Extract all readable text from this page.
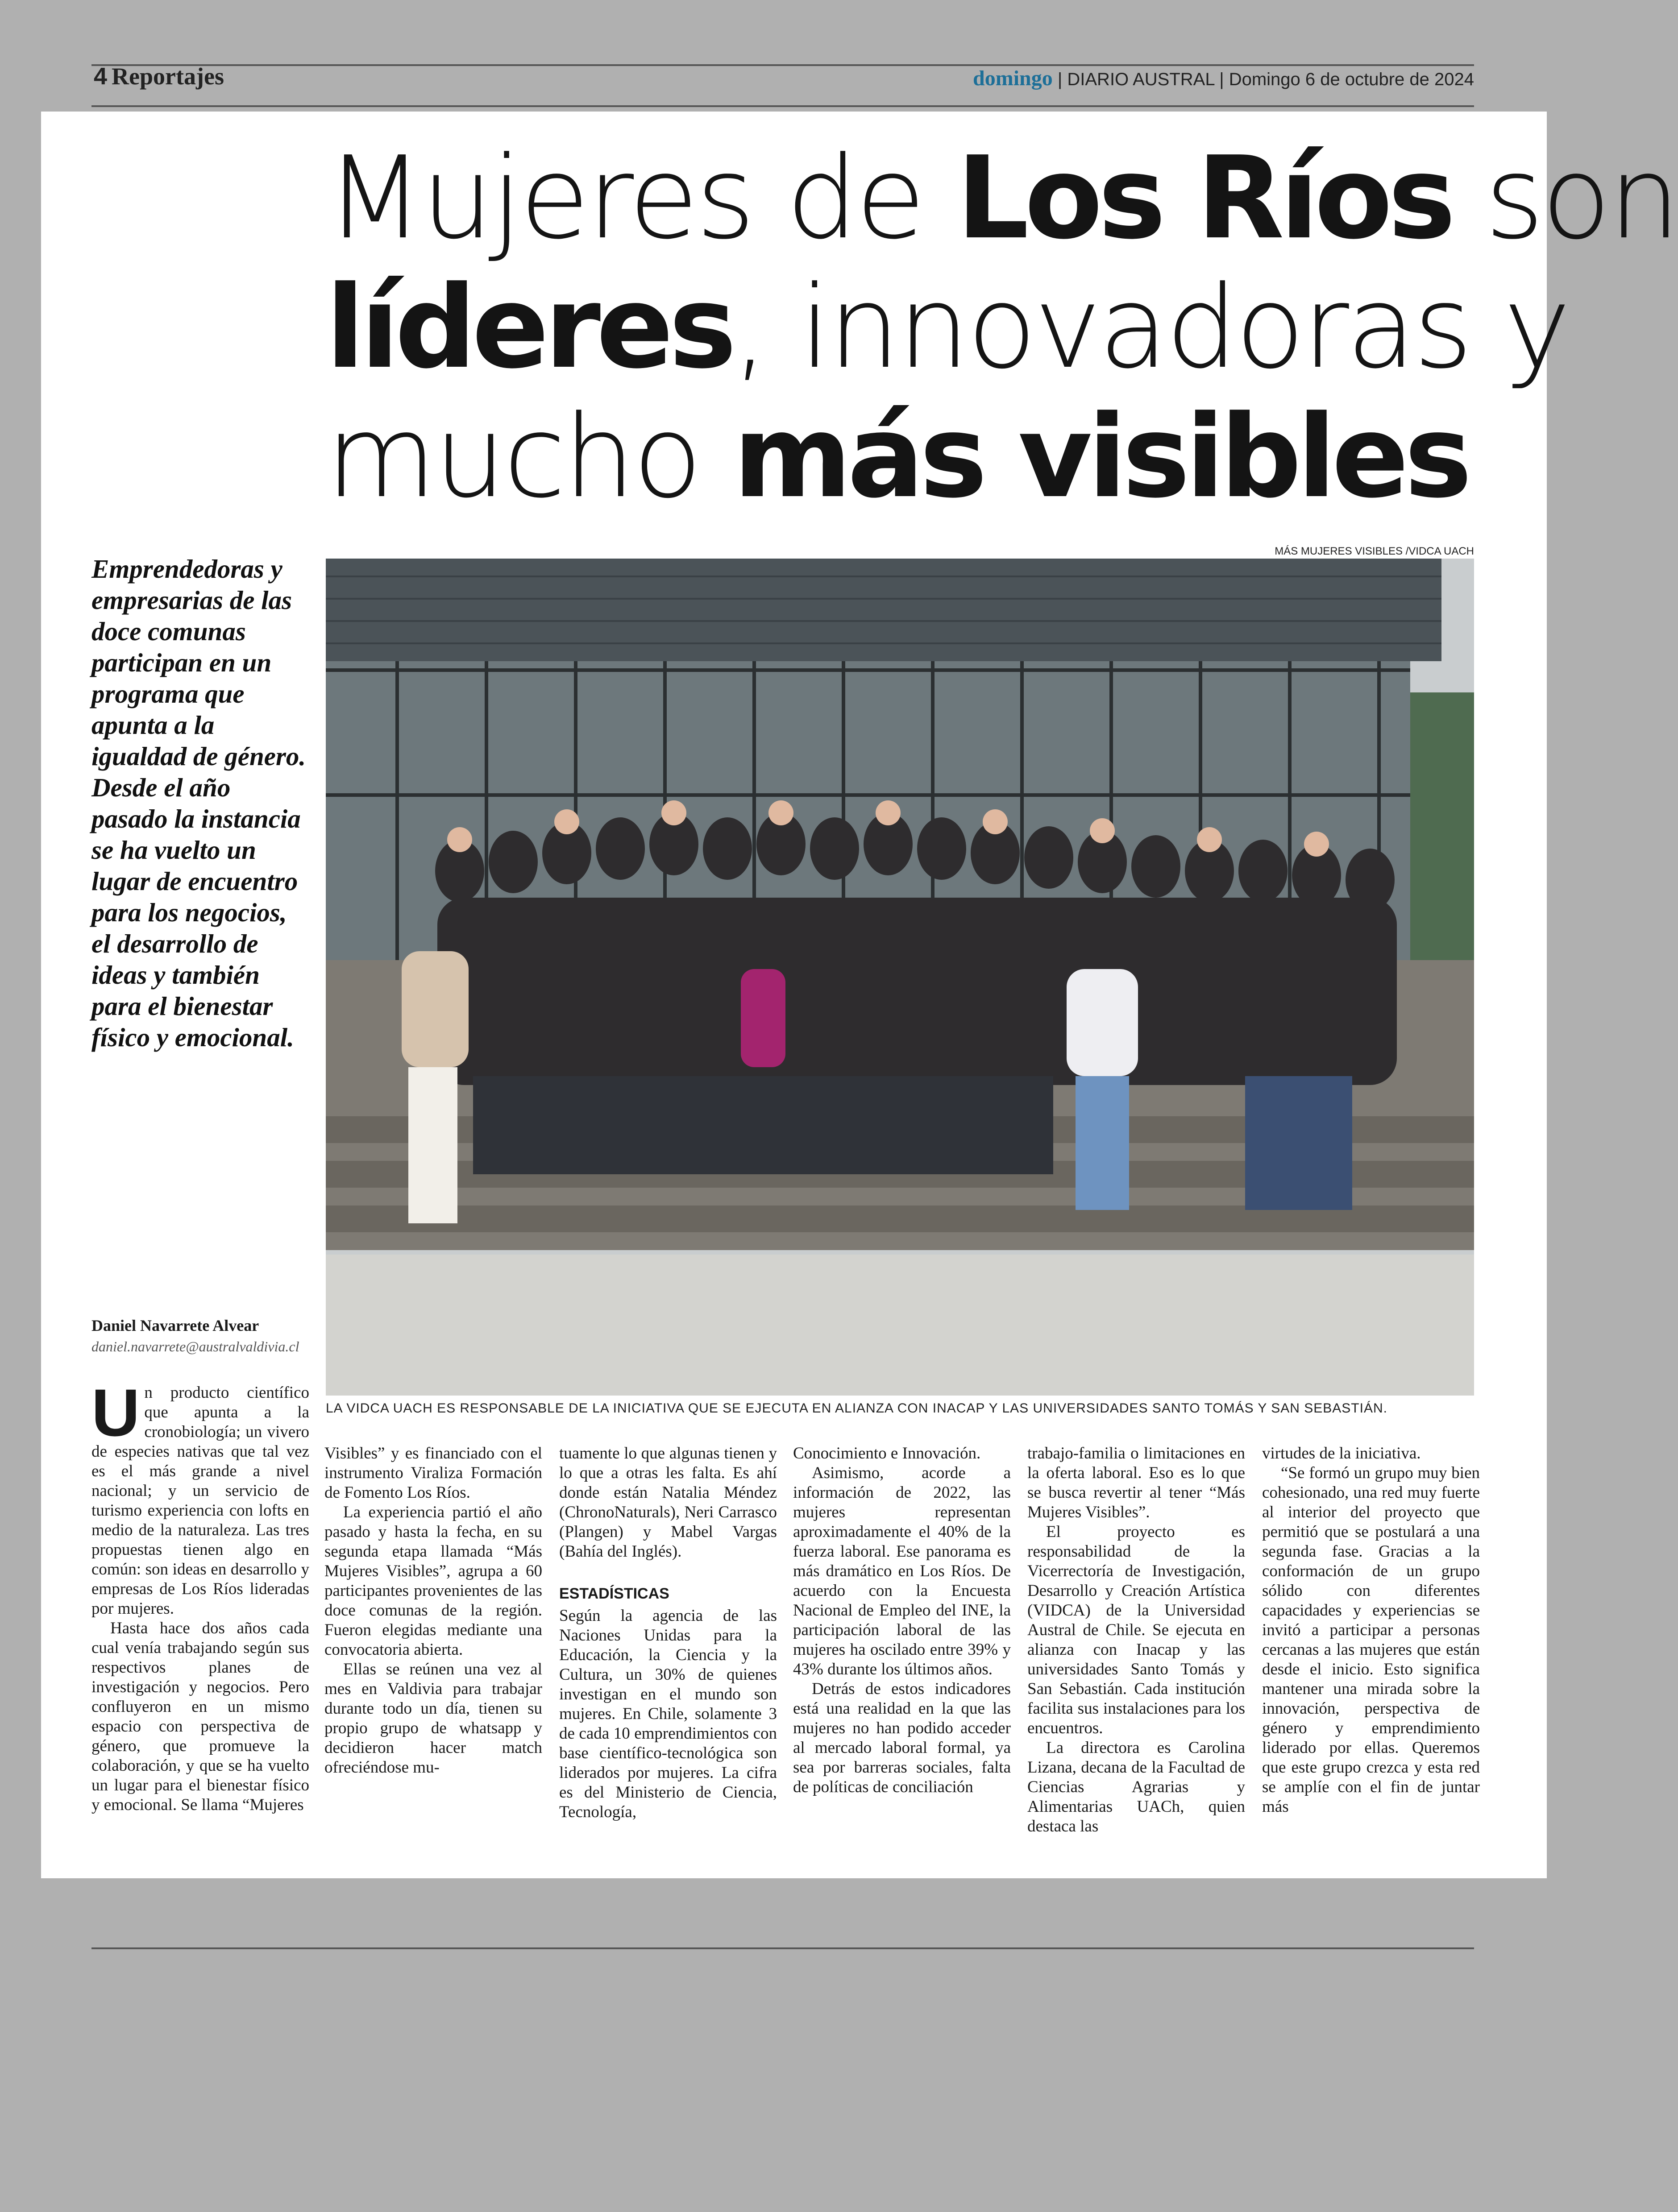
4 Reportajes	domingo | DIARIO AUSTRAL | Domingo 6 de octubre de 2024
Mujeres de Los Ríos son
líderes, innovadoras y
mucho más visibles
Emprendedoras y empresarias de las doce comunas participan en un programa que apunta a la igualdad de género. Desde el año pasado la instancia se ha vuelto un lugar de encuentro para los negocios, el desarrollo de ideas y también para el bienestar físico y emocional.
MÁS MUJERES VISIBLES /VIDCA UACH
LA VIDCA UACH ES RESPONSABLE DE LA INICIATIVA QUE SE EJECUTA EN ALIANZA CON INACAP Y LAS UNIVERSIDADES SANTO TOMÁS Y SAN SEBASTIÁN.
Daniel Navarrete Alvear
daniel.navarrete@australvaldivia.cl
U n producto científico que apunta a la cronobiología; un vivero de especies nativas que tal vez es el más grande a nivel nacional; y un servicio de turismo experiencia con lofts en medio de la naturaleza. Las tres propuestas tienen algo en común: son ideas en desarrollo y empresas de Los Ríos lideradas por mujeres.

Hasta hace dos años cada cual venía trabajando según sus respectivos planes de investigación y negocios. Pero confluyeron en un mismo espacio con perspectiva de género, que promueve la colaboración, y que se ha vuelto un lugar para el bienestar físico y emocional. Se llama “Mujeres

Visibles” y es financiado con el instrumento Viraliza Formación de Fomento Los Ríos.

La experiencia partió el año pasado y hasta la fecha, en su segunda etapa llamada “Más Mujeres Visibles”, agrupa a 60 participantes provenientes de las doce comunas de la región. Fueron elegidas mediante una convocatoria abierta.

Ellas se reúnen una vez al mes en Valdivia para trabajar durante todo un día, tienen su propio grupo de whatsapp y decidieron hacer match ofreciéndose mu-

tuamente lo que algunas tienen y lo que a otras les falta. Es ahí donde están Natalia Méndez (ChronoNaturals), Neri Carrasco (Plangen) y Mabel Vargas (Bahía del Inglés).

ESTADÍSTICAS

Según la agencia de las Naciones Unidas para la Educación, la Ciencia y la Cultura, un 30% de quienes investigan en el mundo son mujeres. En Chile, solamente 3 de cada 10 emprendimientos con base científico-tecnológica son liderados por mujeres. La cifra es del Ministerio de Ciencia, Tecnología,

Conocimiento e Innovación.

Asimismo, acorde a información de 2022, las mujeres representan aproximadamente el 40% de la fuerza laboral. Ese panorama es más dramático en Los Ríos. De acuerdo con la Encuesta Nacional de Empleo del INE, la participación laboral de las mujeres ha oscilado entre 39% y 43% durante los últimos años.

Detrás de estos indicadores está una realidad en la que las mujeres no han podido acceder al mercado laboral formal, ya sea por barreras sociales, falta de políticas de conciliación

trabajo-familia o limitaciones en la oferta laboral. Eso es lo que se busca revertir al tener “Más Mujeres Visibles”.

El proyecto es responsabilidad de la Vicerrectoría de Investigación, Desarrollo y Creación Artística (VIDCA) de la Universidad Austral de Chile. Se ejecuta en alianza con Inacap y las universidades Santo Tomás y San Sebastián. Cada institución facilita sus instalaciones para los encuentros.

La directora es Carolina Lizana, decana de la Facultad de Ciencias Agrarias y Alimentarias UACh, quien destaca las

virtudes de la iniciativa.

“Se formó un grupo muy bien cohesionado, una red muy fuerte al interior del proyecto que permitió que se postulará a una segunda fase. Gracias a la conformación de un grupo sólido con diferentes capacidades y experiencias se invitó a participar a personas cercanas a las mujeres que están desde el inicio. Esto significa mantener una mirada sobre la innovación, perspectiva de género y emprendimiento liderado por ellas. Queremos que este grupo crezca y esta red se amplíe con el fin de juntar más
